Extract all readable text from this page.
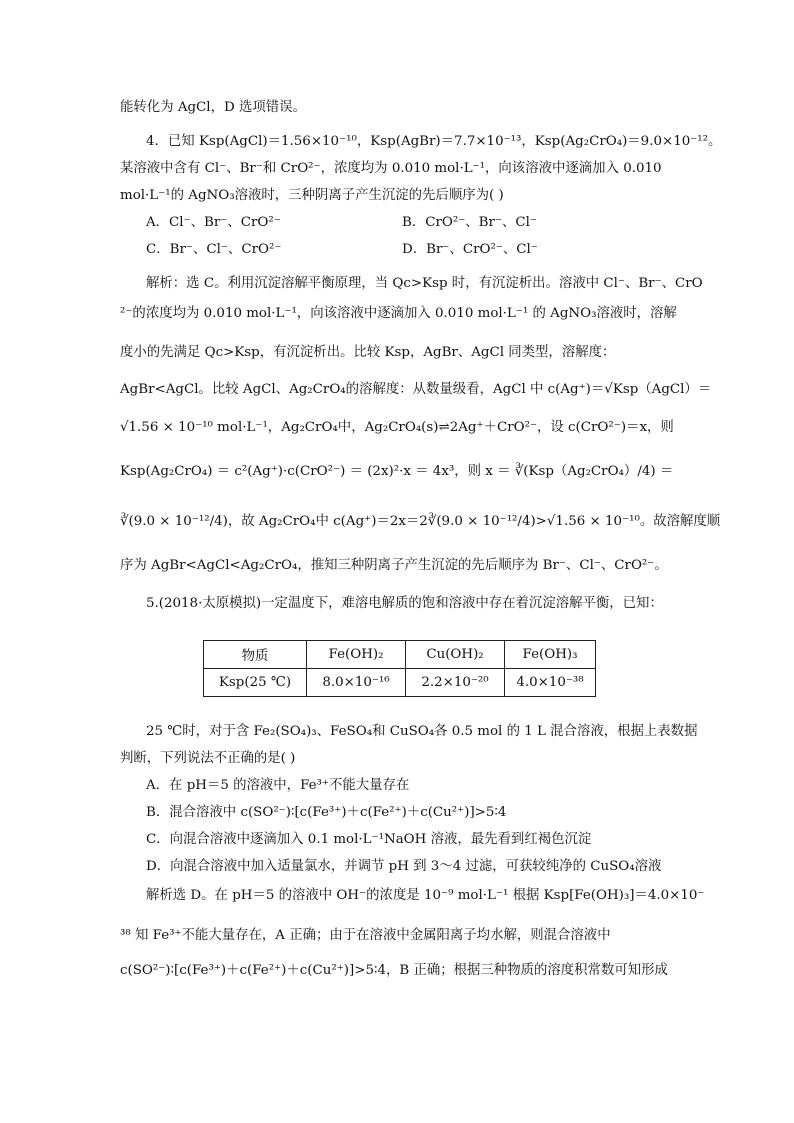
能转化为 AgCl，D 选项错误。
4．已知 Ksp(AgCl)＝1.56×10⁻¹⁰，Ksp(AgBr)＝7.7×10⁻¹³，Ksp(Ag₂CrO₄)＝9.0×10⁻¹²。
某溶液中含有 Cl⁻、Br⁻和 CrO²⁻，浓度均为 0.010 mol·L⁻¹，向该溶液中逐滴加入 0.010
mol·L⁻¹的 AgNO₃溶液时，三种阴离子产生沉淀的先后顺序为( )
A．Cl⁻、Br⁻、CrO²⁻	B．CrO²⁻、Br⁻、Cl⁻
C．Br⁻、Cl⁻、CrO²⁻	D．Br⁻、CrO²⁻、Cl⁻
解析：选 C。利用沉淀溶解平衡原理，当 Qc>Ksp 时，有沉淀析出。溶液中 Cl⁻、Br⁻、CrO
²⁻的浓度均为 0.010 mol·L⁻¹，向该溶液中逐滴加入 0.010 mol·L⁻¹ 的 AgNO₃溶液时，溶解
度小的先满足 Qc>Ksp，有沉淀析出。比较 Ksp，AgBr、AgCl 同类型，溶解度：
AgBr<AgCl。比较 AgCl、Ag₂CrO₄的溶解度：从数量级看，AgCl 中 c(Ag⁺)＝√Ksp（AgCl）＝
√1.56 × 10⁻¹⁰ mol·L⁻¹，Ag₂CrO₄中，Ag₂CrO₄(s)⇌2Ag⁺＋CrO²⁻，设 c(CrO²⁻)＝x，则
Ksp(Ag₂CrO₄) ＝ c²(Ag⁺)·c(CrO²⁻) ＝ (2x)²·x ＝ 4x³，则 x ＝ ∛(Ksp（Ag₂CrO₄）/4) ＝
∛(9.0 × 10⁻¹²/4)，故 Ag₂CrO₄中 c(Ag⁺)＝2x＝2∛(9.0 × 10⁻¹²/4)>√1.56 × 10⁻¹⁰。故溶解度顺
序为 AgBr<AgCl<Ag₂CrO₄，推知三种阴离子产生沉淀的先后顺序为 Br⁻、Cl⁻、CrO²⁻。
5.(2018·太原模拟)一定温度下，难溶电解质的饱和溶液中存在着沉淀溶解平衡，已知：
物质	Fe(OH)₂	Cu(OH)₂	Fe(OH)₃
Ksp(25 ℃)	8.0×10⁻¹⁶	2.2×10⁻²⁰	4.0×10⁻³⁸
25 ℃时，对于含 Fe₂(SO₄)₃、FeSO₄和 CuSO₄各 0.5 mol 的 1 L 混合溶液，根据上表数据
判断，下列说法不正确的是( )
A．在 pH＝5 的溶液中，Fe³⁺不能大量存在
B．混合溶液中 c(SO²⁻)∶[c(Fe³⁺)＋c(Fe²⁺)＋c(Cu²⁺)]>5∶4
C．向混合溶液中逐滴加入 0.1 mol·L⁻¹NaOH 溶液，最先看到红褐色沉淀
D．向混合溶液中加入适量氯水，并调节 pH 到 3～4 过滤，可获较纯净的 CuSO₄溶液
解析选 D。在 pH＝5 的溶液中 OH⁻的浓度是 10⁻⁹ mol·L⁻¹ 根据 Ksp[Fe(OH)₃]＝4.0×10⁻
³⁸ 知 Fe³⁺不能大量存在，A 正确；由于在溶液中金属阳离子均水解，则混合溶液中
c(SO²⁻)∶[c(Fe³⁺)＋c(Fe²⁺)＋c(Cu²⁺)]>5∶4，B 正确；根据三种物质的溶度积常数可知形成
